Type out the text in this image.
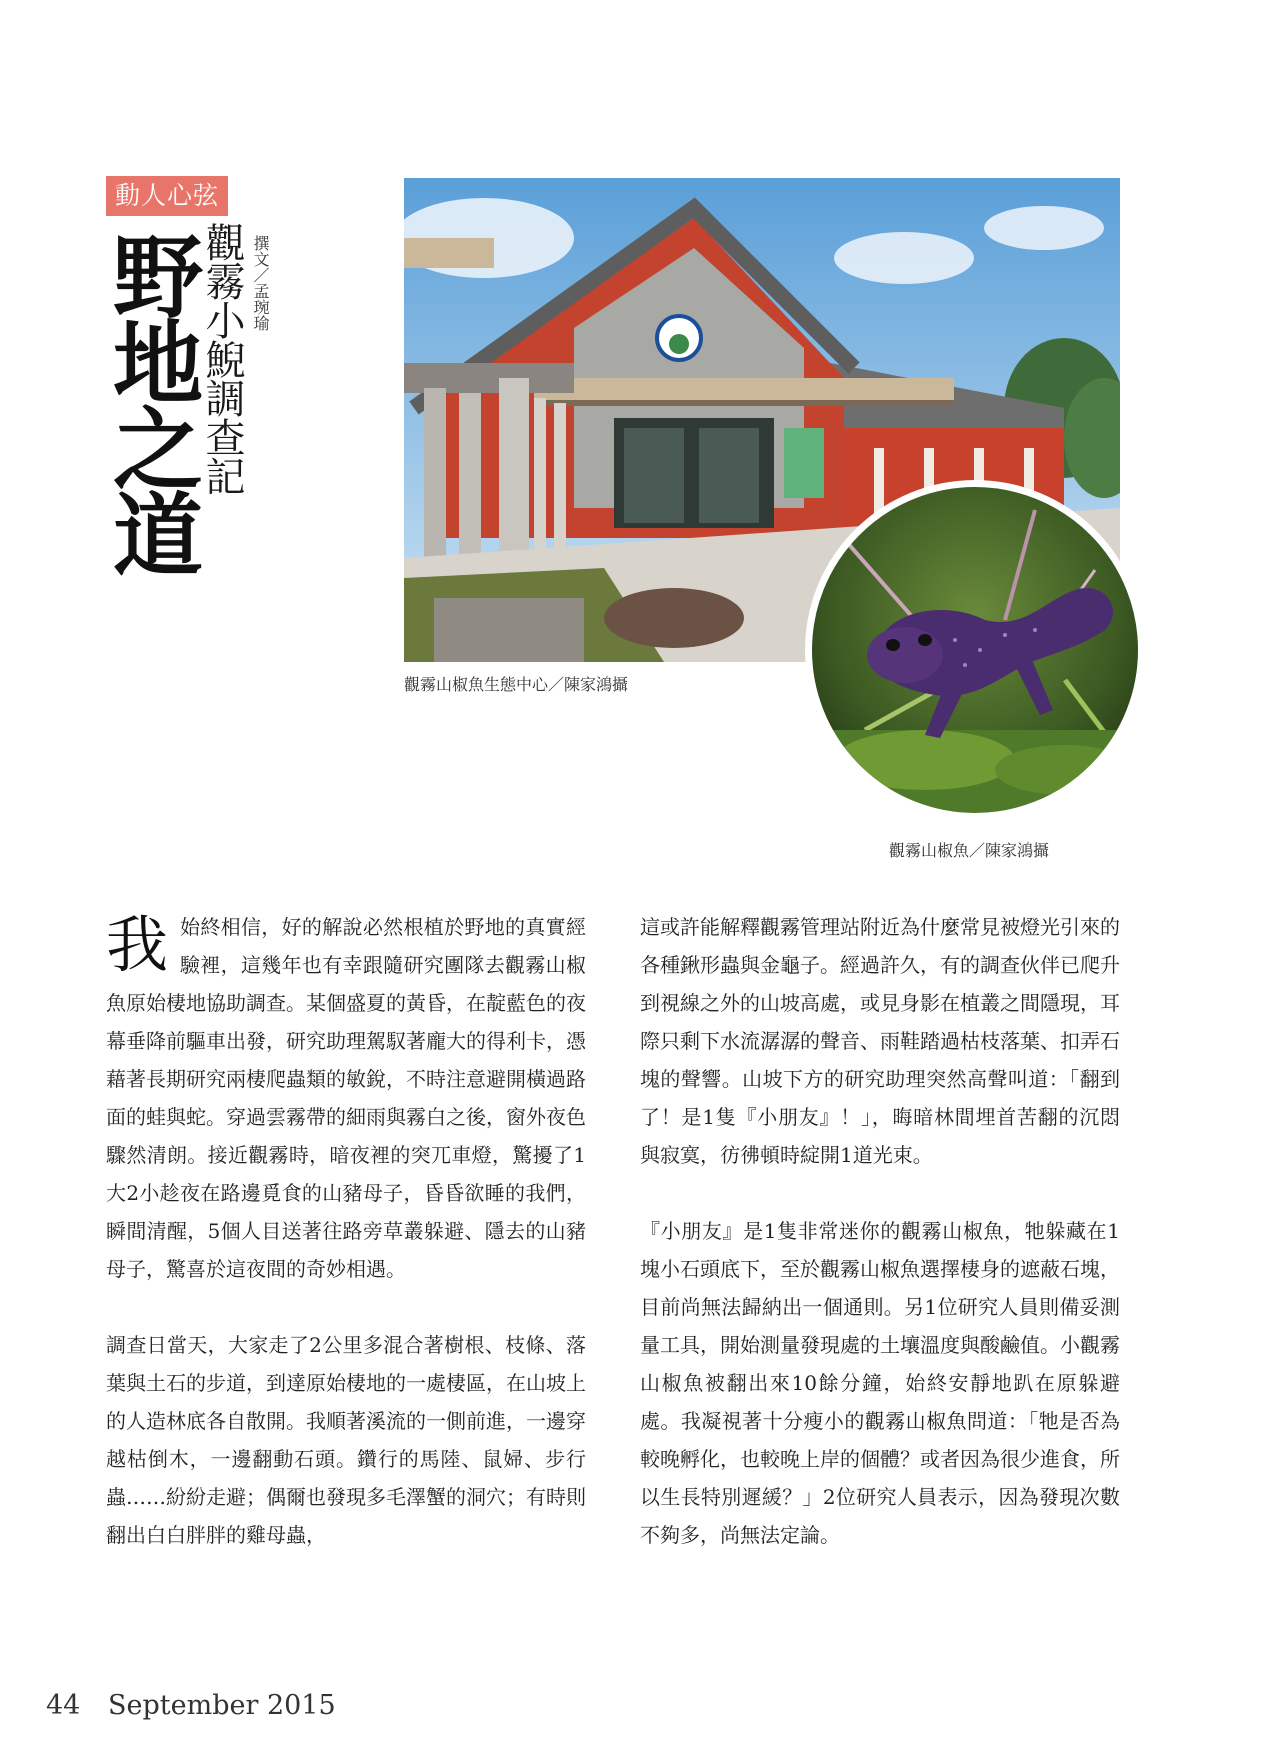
動人心弦
野地之道
觀霧小鯢調查記 撰文／孟琬瑜
觀霧山椒魚生態中心／陳家鴻攝
觀霧山椒魚／陳家鴻攝

我始終相信，好的解說必然根植於野地的真實經驗裡，這幾年也有幸跟隨研究團隊去觀霧山椒魚原始棲地協助調查。某個盛夏的黃昏，在靛藍色的夜幕垂降前驅車出發，研究助理駕馭著龐大的得利卡，憑藉著長期研究兩棲爬蟲類的敏銳，不時注意避開橫過路面的蛙與蛇。穿過雲霧帶的細雨與霧白之後，窗外夜色驟然清朗。接近觀霧時，暗夜裡的突兀車燈，驚擾了1大2小趁夜在路邊覓食的山豬母子，昏昏欲睡的我們，瞬間清醒，5個人目送著往路旁草叢躲避、隱去的山豬母子，驚喜於這夜間的奇妙相遇。

調查日當天，大家走了2公里多混合著樹根、枝條、落葉與土石的步道，到達原始棲地的一處棲區，在山坡上的人造林底各自散開。我順著溪流的一側前進，一邊穿越枯倒木，一邊翻動石頭。鑽行的馬陸、鼠婦、步行蟲……紛紛走避；偶爾也發現多毛澤蟹的洞穴；有時則翻出白白胖胖的雞母蟲，

這或許能解釋觀霧管理站附近為什麼常見被燈光引來的各種鍬形蟲與金龜子。經過許久，有的調查伙伴已爬升到視線之外的山坡高處，或見身影在植叢之間隱現，耳際只剩下水流潺潺的聲音、雨鞋踏過枯枝落葉、扣弄石塊的聲響。山坡下方的研究助理突然高聲叫道：「翻到了！是1隻『小朋友』！」，晦暗林間埋首苦翻的沉悶與寂寞，彷彿頓時綻開1道光束。

『小朋友』是1隻非常迷你的觀霧山椒魚，牠躲藏在1塊小石頭底下，至於觀霧山椒魚選擇棲身的遮蔽石塊，目前尚無法歸納出一個通則。另1位研究人員則備妥測量工具，開始測量發現處的土壤溫度與酸鹼值。小觀霧山椒魚被翻出來10餘分鐘，始終安靜地趴在原躲避處。我凝視著十分瘦小的觀霧山椒魚問道：「牠是否為較晚孵化，也較晚上岸的個體？或者因為很少進食，所以生長特別遲緩？」2位研究人員表示，因為發現次數不夠多，尚無法定論。

44 September 2015
